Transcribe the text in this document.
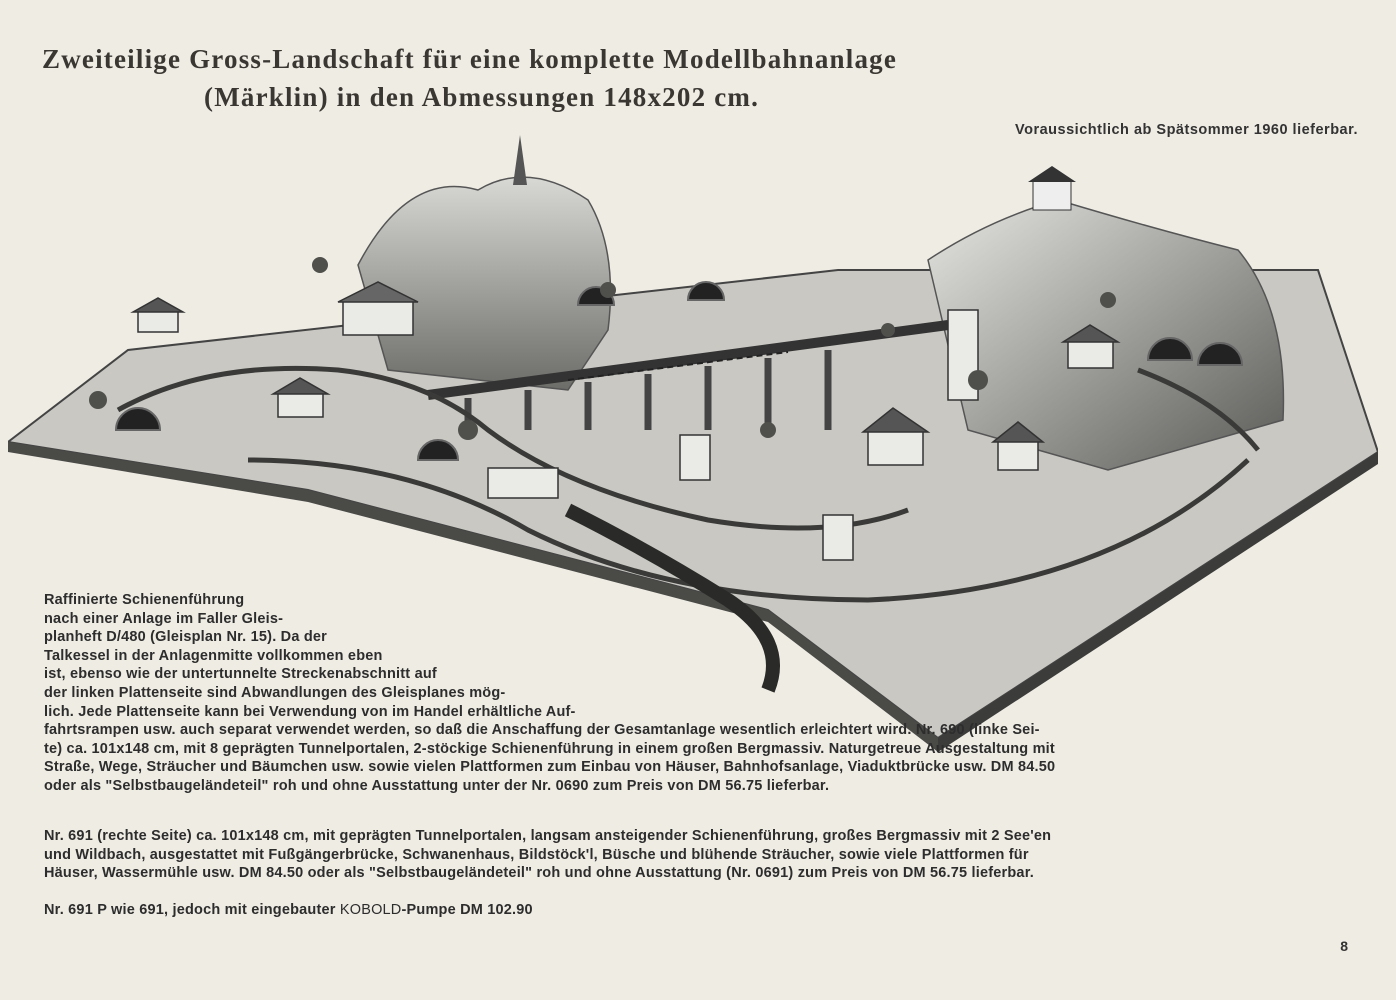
Zweiteilige Gross-Landschaft für eine komplette Modellbahnanlage
(Märklin) in den Abmessungen 148x202 cm.
Voraussichtlich ab Spätsommer 1960 lieferbar.
Raffinierte Schienenführung
nach einer Anlage im Faller Gleis-
planheft D/480 (Gleisplan Nr. 15). Da der
Talkessel in der Anlagenmitte vollkommen eben
ist, ebenso wie der untertunnelte Streckenabschnitt auf
der linken Plattenseite sind Abwandlungen des Gleisplanes mög-
lich. Jede Plattenseite kann bei Verwendung von im Handel erhältliche Auf-
fahrtsrampen usw. auch separat verwendet werden, so daß die Anschaffung der Gesamtanlage wesentlich erleichtert wird. Nr. 690 (linke Sei-
te) ca. 101x148 cm, mit 8 geprägten Tunnelportalen, 2-stöckige Schienenführung in einem großen Bergmassiv. Naturgetreue Ausgestaltung mit
Straße, Wege, Sträucher und Bäumchen usw. sowie vielen Plattformen zum Einbau von Häuser, Bahnhofsanlage, Viaduktbrücke usw. DM 84.50
oder als "Selbstbaugeländeteil" roh und ohne Ausstattung unter der Nr. 0690 zum Preis von DM 56.75 lieferbar.
Nr. 691 (rechte Seite) ca. 101x148 cm, mit geprägten Tunnelportalen, langsam ansteigender Schienenführung, großes Bergmassiv mit 2 See'en
und Wildbach, ausgestattet mit Fußgängerbrücke, Schwanenhaus, Bildstöck'l, Büsche und blühende Sträucher, sowie viele Plattformen für
Häuser, Wassermühle usw. DM 84.50 oder als "Selbstbaugeländeteil" roh und ohne Ausstattung (Nr. 0691) zum Preis von DM 56.75 lieferbar.
Nr. 691 P wie 691, jedoch mit eingebauter KOBOLD-Pumpe DM 102.90
8
